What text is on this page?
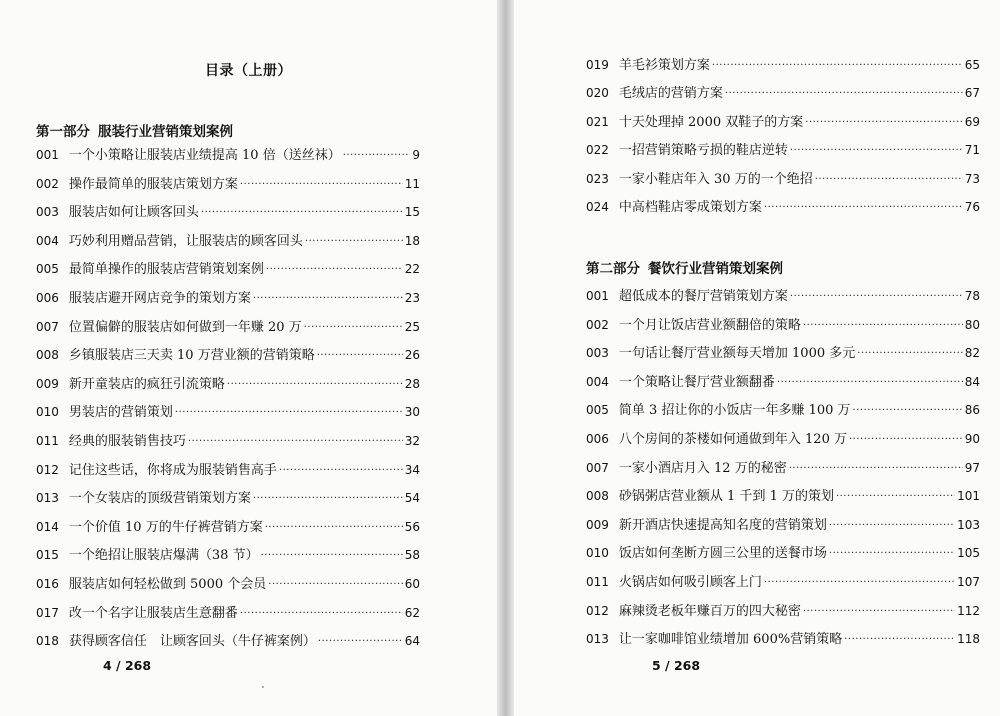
目录（上册）
第一部分 服装行业营销策划案例
001 一个小策略让服装店业绩提高 10 倍（送丝袜） ·····	9
002 操作最简单的服装店策划方案 ·····	11
003 服装店如何让顾客回头 ·····	15
004 巧妙利用赠品营销，让服装店的顾客回头 ·····	18
005 最简单操作的服装店营销策划案例 ·····	22
006 服装店避开网店竞争的策划方案 ·····	23
007 位置偏僻的服装店如何做到一年赚 20 万 ·····	25
008 乡镇服装店三天卖 10 万营业额的营销策略 ·····	26
009 新开童装店的疯狂引流策略 ·····	28
010 男装店的营销策划 ·····	30
011 经典的服装销售技巧 ·····	32
012 记住这些话，你将成为服装销售高手 ·····	34
013 一个女装店的顶级营销策划方案 ·····	54
014 一个价值 10 万的牛仔裤营销方案 ·····	56
015 一个绝招让服装店爆满（38 节） ·····	58
016 服装店如何轻松做到 5000 个会员 ·····	60
017 改一个名字让服装店生意翻番 ·····	62
018 获得顾客信任　让顾客回头（牛仔裤案例） ·····	64
4 / 268
019 羊毛衫策划方案 ·····	65
020 毛绒店的营销方案 ·····	67
021 十天处理掉 2000 双鞋子的方案 ·····	69
022 一招营销策略亏损的鞋店逆转 ·····	71
023 一家小鞋店年入 30 万的一个绝招 ·····	73
024 中高档鞋店零成策划方案 ·····	76
第二部分 餐饮行业营销策划案例
001 超低成本的餐厅营销策划方案 ·····	78
002 一个月让饭店营业额翻倍的策略 ·····	80
003 一句话让餐厅营业额每天增加 1000 多元 ·····	82
004 一个策略让餐厅营业额翻番 ·····	84
005 简单 3 招让你的小饭店一年多赚 100 万 ·····	86
006 八个房间的茶楼如何通做到年入 120 万 ·····	90
007 一家小酒店月入 12 万的秘密 ·····	97
008 砂锅粥店营业额从 1 千到 1 万的策划 ·····	101
009 新开酒店快速提高知名度的营销策划 ·····	103
010 饭店如何垄断方圆三公里的送餐市场 ·····	105
011 火锅店如何吸引顾客上门 ·····	107
012 麻辣烫老板年赚百万的四大秘密 ·····	112
013 让一家咖啡馆业绩增加 600%营销策略 ·····	118
5 / 268
